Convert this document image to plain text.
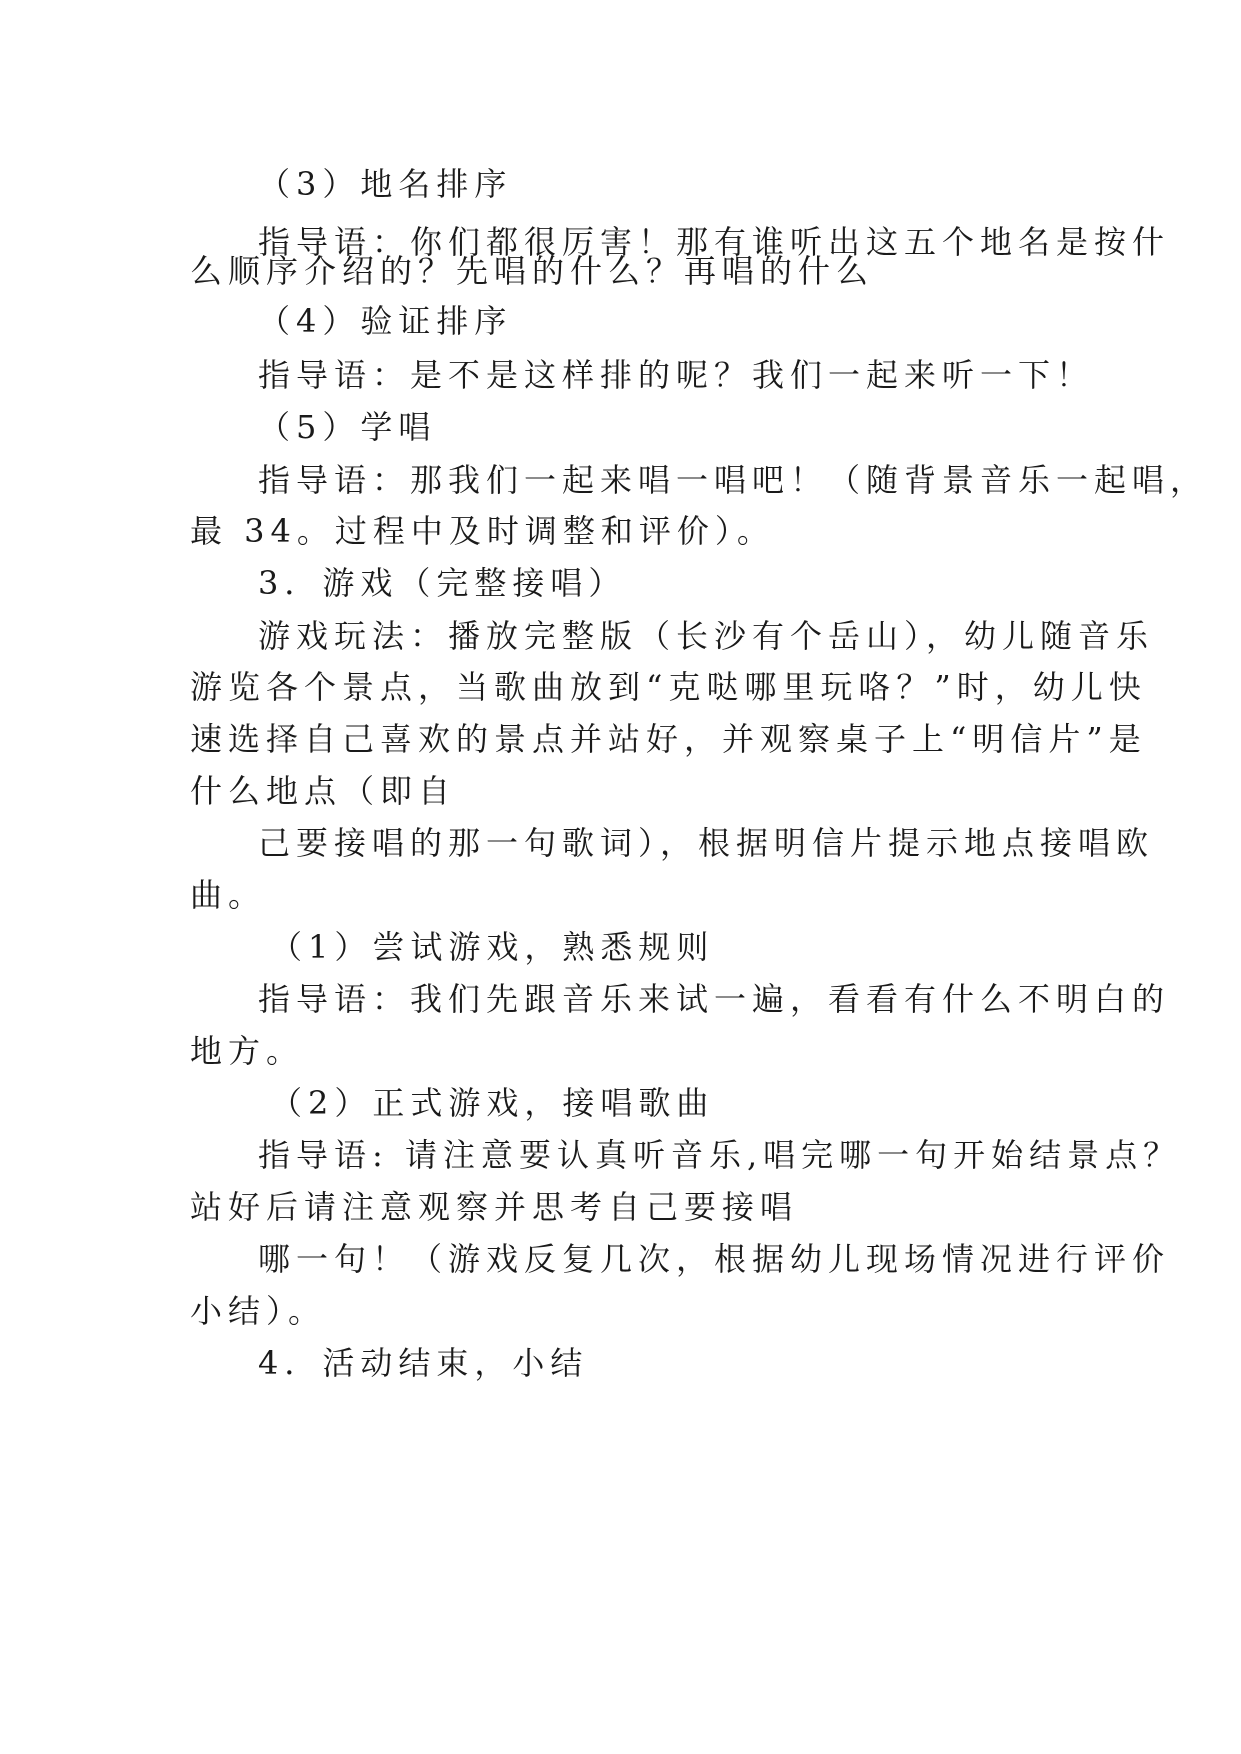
（3）地名排序

指导语：你们都很厉害！那有谁听出这五个地名是按什

么顺序介绍的？先唱的什么？再唱的什么

（4）验证排序

指导语：是不是这样排的呢？我们一起来听一下！

（5）学唱

指导语：那我们一起来唱一唱吧！（随背景音乐一起唱，

最 34。过程中及时调整和评价）。

3．游戏（完整接唱）

游戏玩法：播放完整版（长沙有个岳山），幼儿随音乐

游览各个景点，当歌曲放到“克哒哪里玩咯？”时，幼儿快

速选择自己喜欢的景点并站好，并观察桌子上“明信片”是

什么地点（即自

己要接唱的那一句歌词），根据明信片提示地点接唱欧

曲。

（1）尝试游戏，熟悉规则

指导语：我们先跟音乐来试一遍，看看有什么不明白的

地方。

（2）正式游戏，接唱歌曲

指导语: 请注意要认真听音乐,唱完哪一句开始结景点？

站好后请注意观察并思考自己要接唱

哪一句！（游戏反复几次，根据幼儿现场情况进行评价

小结）。

4．活动结束，小结
